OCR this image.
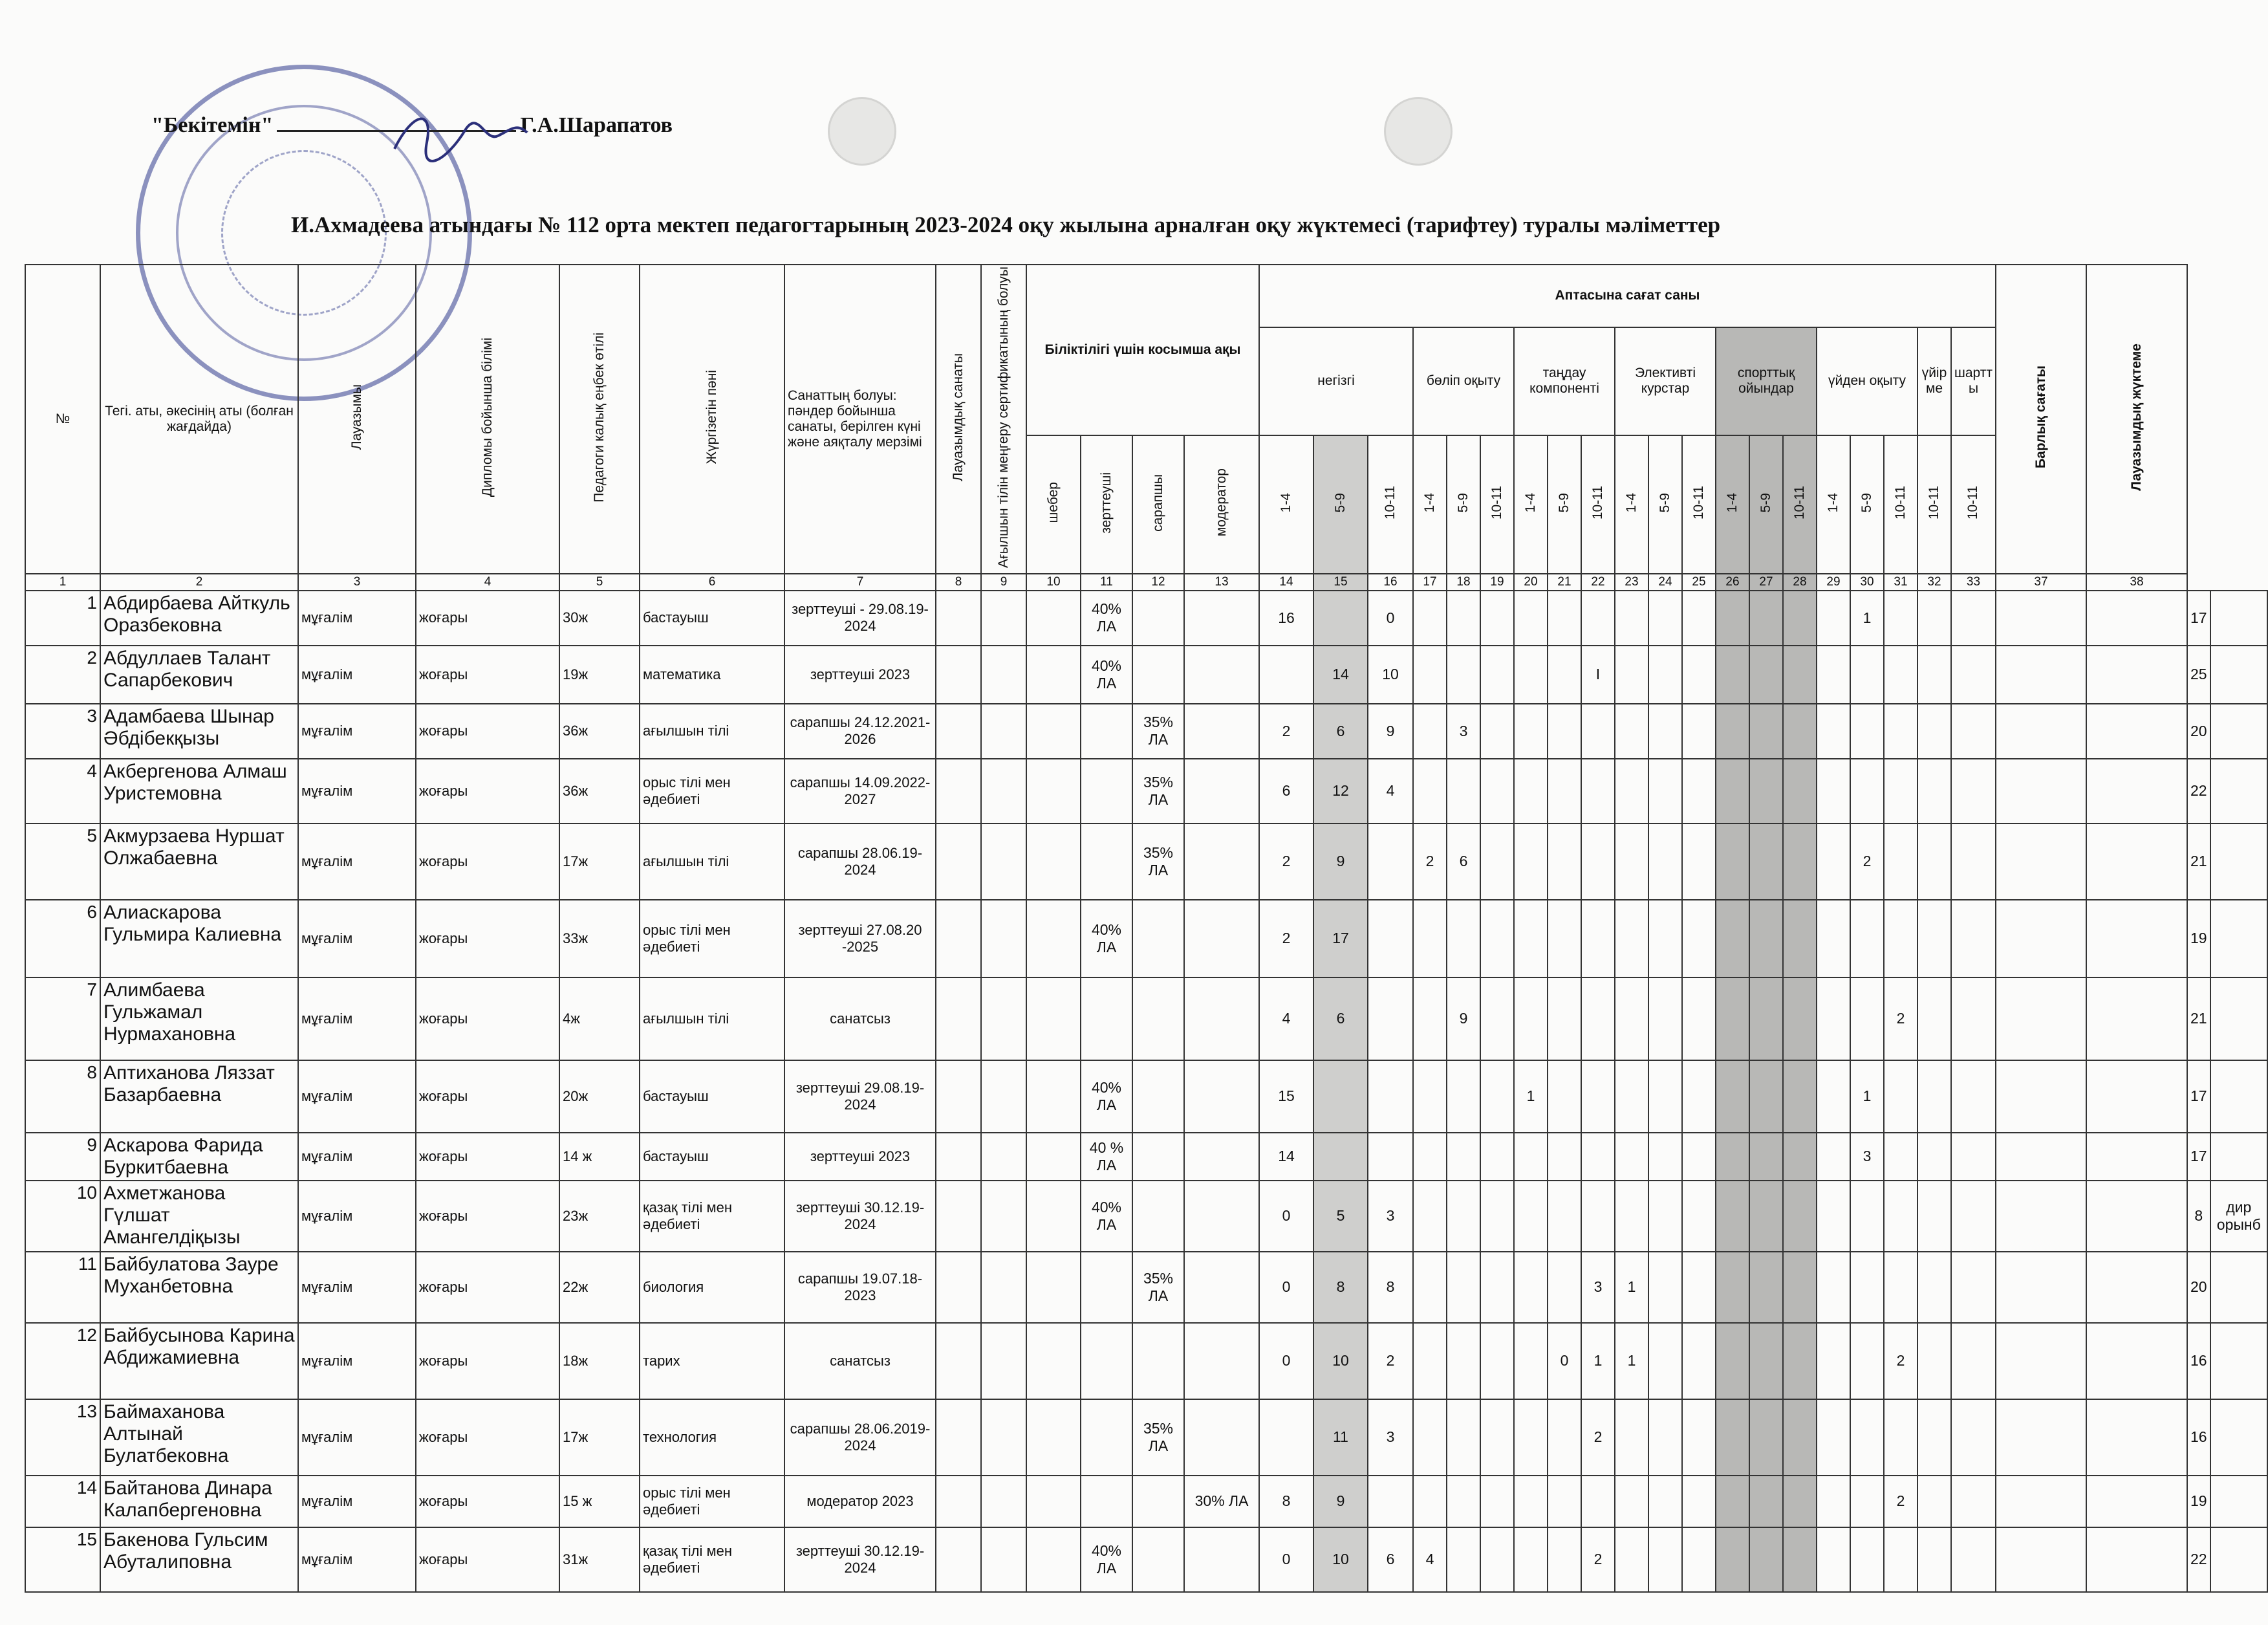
"Бекітемін"	Г.А.Шарапатов
И.Ахмадеева атындағы № 112 орта мектеп педагогтарының 2023-2024 оқу жылына арналған оқу жүктемесі (тарифтеу) туралы мәліметтер
№	Тегі. аты, әкесінің аты (болған жағдайда)	Лауазымы	Дипломы бойынша білімі	Педагоги калық еңбек өтілі	Жүргізетін пәні	Санаттың болуы: пәндер бойынша санаты, берілген күні және аяқталу мерзімі	Лауазымдық санаты	Ағылшын тілін меңгеру сертификатының болуы	Біліктілігі үшін косымша ақы				Аптасына сағат саны																				Барлық сағаты	Лауазымдық жүктеме		
													негізгі			бөліп оқыту			таңдау компоненті			Элективті курстар			спорттық ойындар			үйден оқыту			үйір ме	шартт ы				
									шебер	зерттеуші	сарапшы	модератор	1-4	5-9	10-11	1-4	5-9	10-11	1-4	5-9	10-11	1-4	5-9	10-11	1-4	5-9	10-11	1-4	5-9	10-11	10-11	10-11				
1	2	3	4	5	6	7	8	9	10	11	12	13	14	15	16	17	18	19	20	21	22	23	24	25	26	27	28	29	30	31	32	33	37	38		
1	Абдирбаева Айткуль Оразбековна	мұғалім	жоғары	30ж	бастауыш	зерттеуші - 29.08.19- 2024				40% ЛА			16		0														1						17	
2	Абдуллаев Талант Сапарбекович	мұғалім	жоғары	19ж	математика	зерттеуші 2023				40% ЛА				14	10						I														25	
3	Адамбаева Шынар Әбдібекқызы	мұғалім	жоғары	36ж	ағылшын тілі	сарапшы 24.12.2021-2026					35% ЛА		2	6	9		3																		20	
4	Акбергенова Алмаш Уристемовна	мұғалім	жоғары	36ж	орыс тілі мен әдебиеті	сарапшы 14.09.2022-2027					35% ЛА		6	12	4																				22	
5	Акмурзаева Нуршат Олжабаевна	мұғалім	жоғары	17ж	ағылшын тілі	сарапшы 28.06.19-2024					35% ЛА		2	9		2	6												2						21	
6	Алиаскарова Гульмира Калиевна	мұғалім	жоғары	33ж	орыс тілі мен әдебиеті	зерттеуші 27.08.20 -2025				40% ЛА			2	17																					19	
7	Алимбаева Гульжамал Нурмахановна	мұғалім	жоғары	4ж	ағылшын тілі	санатсыз							4	6			9													2					21	
8	Аптиханова Ляззат Базарбаевна	мұғалім	жоғары	20ж	бастауыш	зерттеуші 29.08.19-2024				40% ЛА			15						1										1						17	
9	Аскарова Фарида Буркитбаевна	мұғалім	жоғары	14 ж	бастауыш	зерттеуші 2023				40 % ЛА			14																3						17	
10	Ахметжанова Гүлшат Амангелдіқызы	мұғалім	жоғары	23ж	қазақ тілі мен әдебиеті	зерттеуші 30.12.19-2024				40% ЛА			0	5	3																				8	дир орынб
11	Байбулатова Зауре Муханбетовна	мұғалім	жоғары	22ж	биология	сарапшы 19.07.18-2023					35% ЛА		0	8	8						3	1													20	
12	Байбусынова Карина Абдижамиевна	мұғалім	жоғары	18ж	тарих	санатсыз							0	10	2					0	1	1								2					16	
13	Баймаханова Алтынай Булатбековна	мұғалім	жоғары	17ж	технология	сарапшы 28.06.2019-2024					35% ЛА			11	3						2														16	
14	Байтанова Динара Калапбергеновна	мұғалім	жоғары	15 ж	орыс тілі мен әдебиеті	модератор 2023						30% ЛА	8	9																2					19	
15	Бакенова Гульсим Абуталиповна	мұғалім	жоғары	31ж	қазақ тілі мен әдебиеті	зерттеуші 30.12.19-2024				40% ЛА			0	10	6	4					2														22	
